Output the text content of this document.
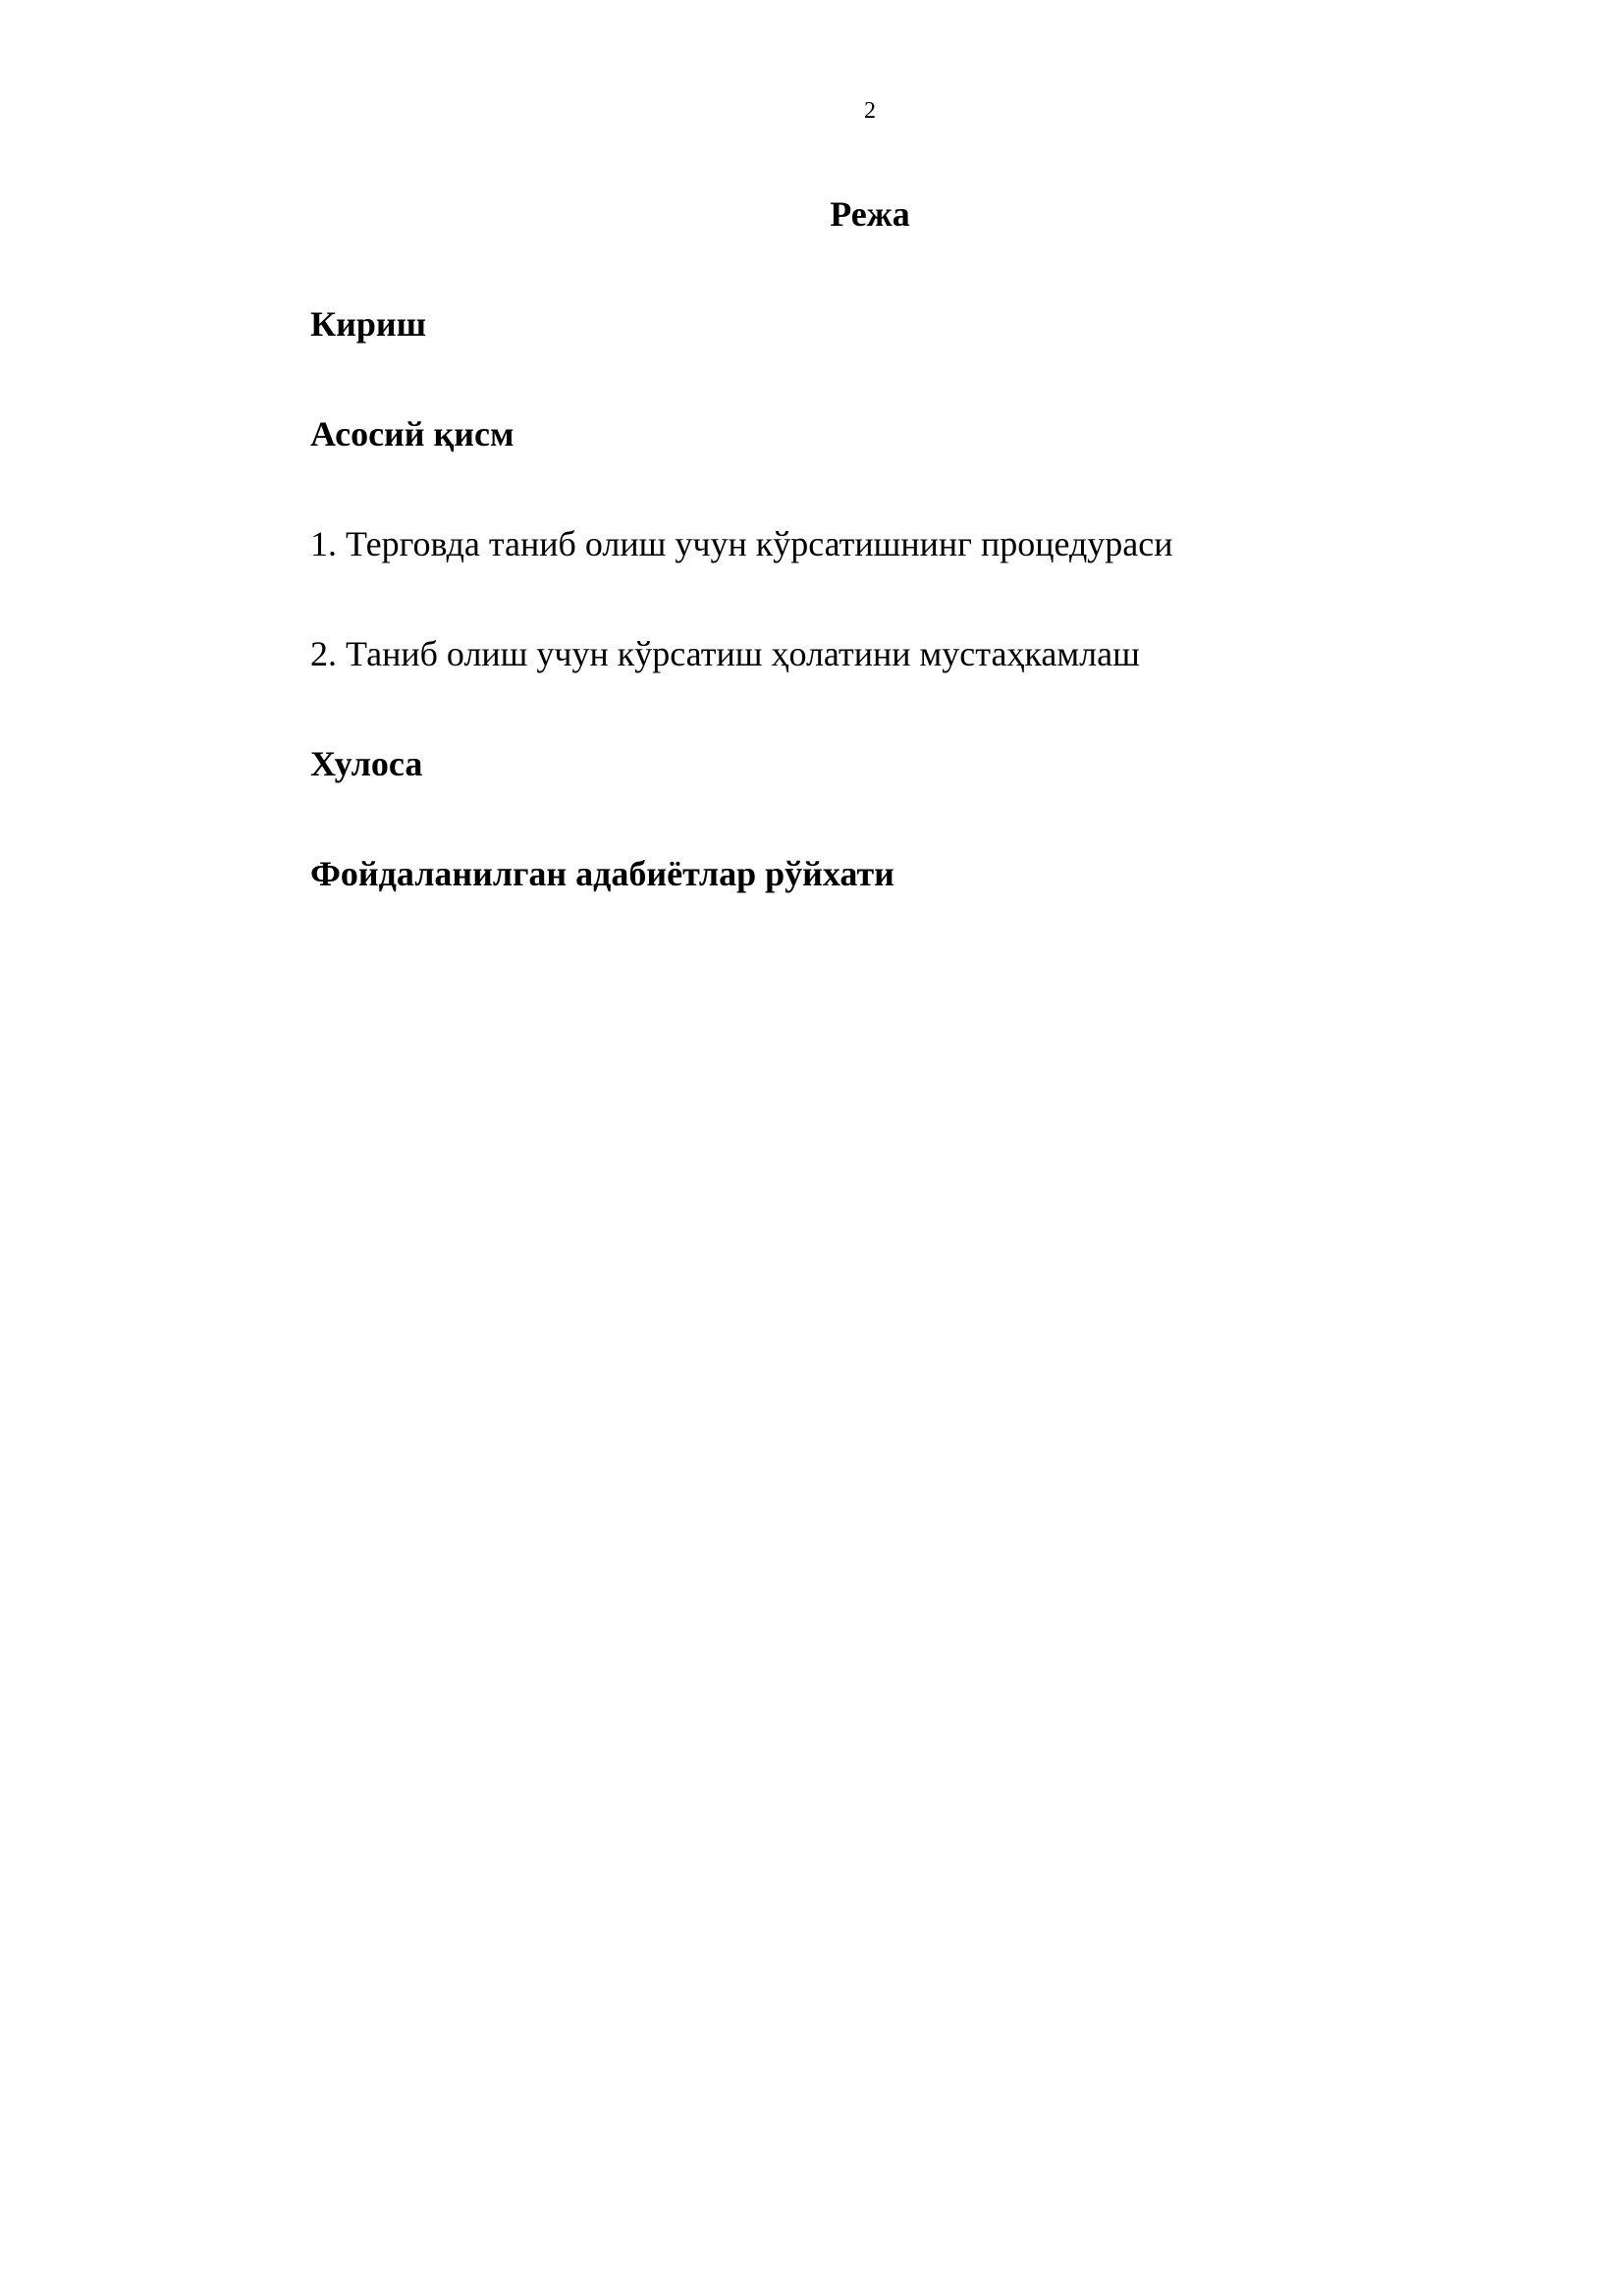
2
Режа
Кириш
Асосий қисм
1. Терговда таниб олиш учун кўрсатишнинг процедураси
2. Таниб олиш учун кўрсатиш ҳолатини мустаҳкамлаш
Хулоса
Фойдаланилган адабиётлар рўйхати
